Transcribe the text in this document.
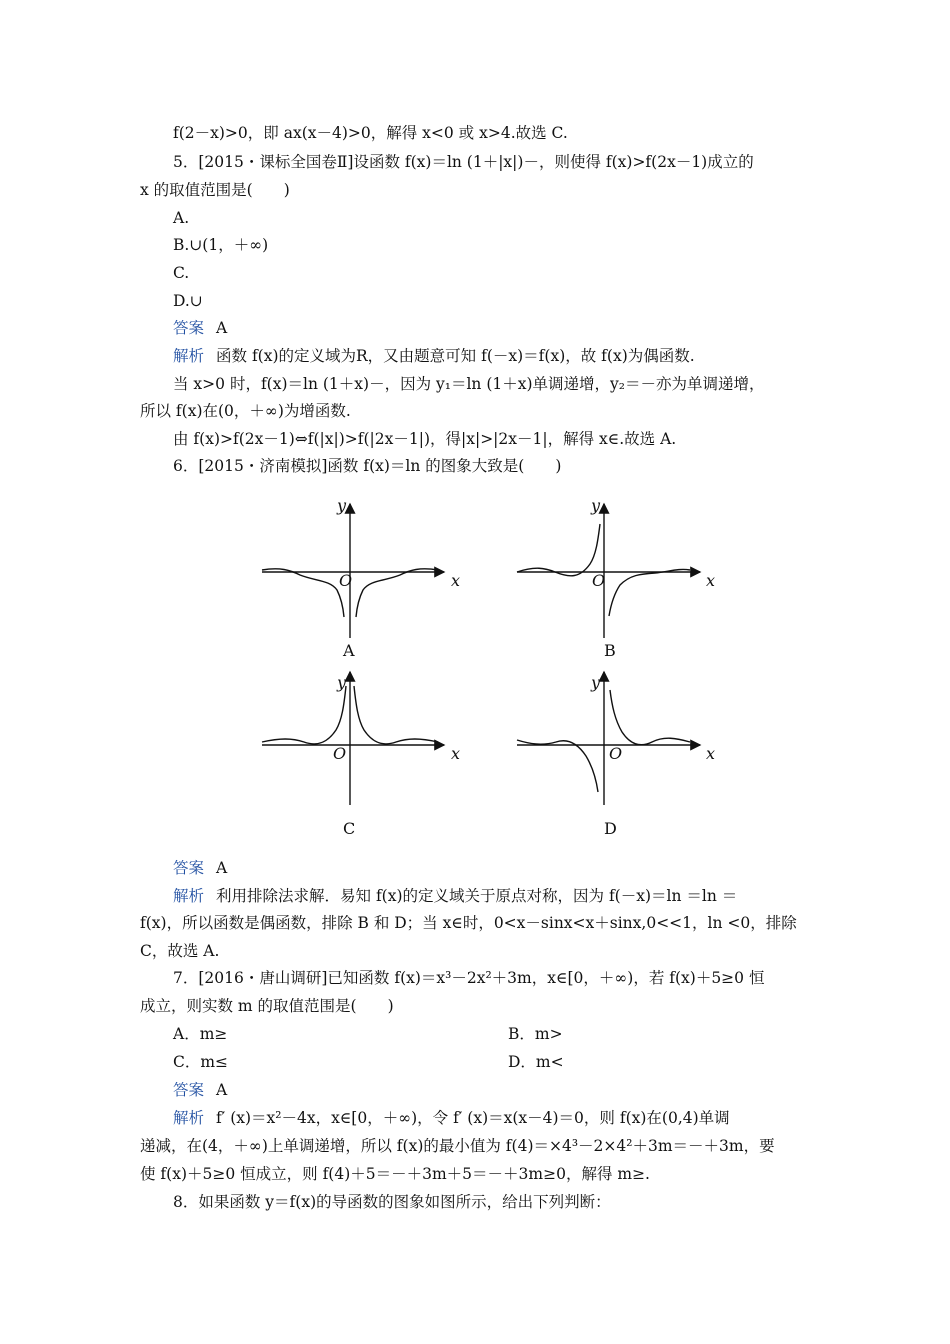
f(2－x)>0，即 ax(x－4)>0，解得 x<0 或 x>4.故选 C.
5．[2015・课标全国卷Ⅱ]设函数 f(x)＝ln (1＋|x|)－，则使得 f(x)>f(2x－1)成立的
x 的取值范围是(　　)
A.
B.∪(1，＋∞)
C.
D.∪
答案 A
解析 函数 f(x)的定义域为R，又由题意可知 f(－x)＝f(x)，故 f(x)为偶函数.
当 x>0 时，f(x)＝ln (1＋x)－，因为 y₁＝ln (1＋x)单调递增，y₂＝－亦为单调递增，
所以 f(x)在(0，＋∞)为增函数.
由 f(x)>f(2x－1)⇔f(|x|)>f(|2x－1|)，得|x|>|2x－1|，解得 x∈.故选 A.
6．[2015・济南模拟]函数 f(x)＝ln 的图象大致是(　　)
y
x
O
A
y
x
O
B
y
x
O
C
y
x
O
D
答案 A
解析 利用排除法求解．易知 f(x)的定义域关于原点对称，因为 f(－x)＝ln ＝ln ＝
f(x)，所以函数是偶函数，排除 B 和 D；当 x∈时，0<x－sinx<x＋sinx,0<<1，ln <0，排除
C，故选 A.
7．[2016・唐山调研]已知函数 f(x)＝x³－2x²＋3m，x∈[0，＋∞)，若 f(x)＋5≥0 恒
成立，则实数 m 的取值范围是(　　)
A．m≥	B．m>
C．m≤	D．m<
答案 A
解析 f′ (x)＝x²－4x，x∈[0，＋∞)，令 f′ (x)＝x(x－4)＝0，则 f(x)在(0,4)单调
递减，在(4，＋∞)上单调递增，所以 f(x)的最小值为 f(4)＝×4³－2×4²＋3m＝－＋3m，要
使 f(x)＋5≥0 恒成立，则 f(4)＋5＝－＋3m＋5＝－＋3m≥0，解得 m≥.
8．如果函数 y＝f(x)的导函数的图象如图所示，给出下列判断：
